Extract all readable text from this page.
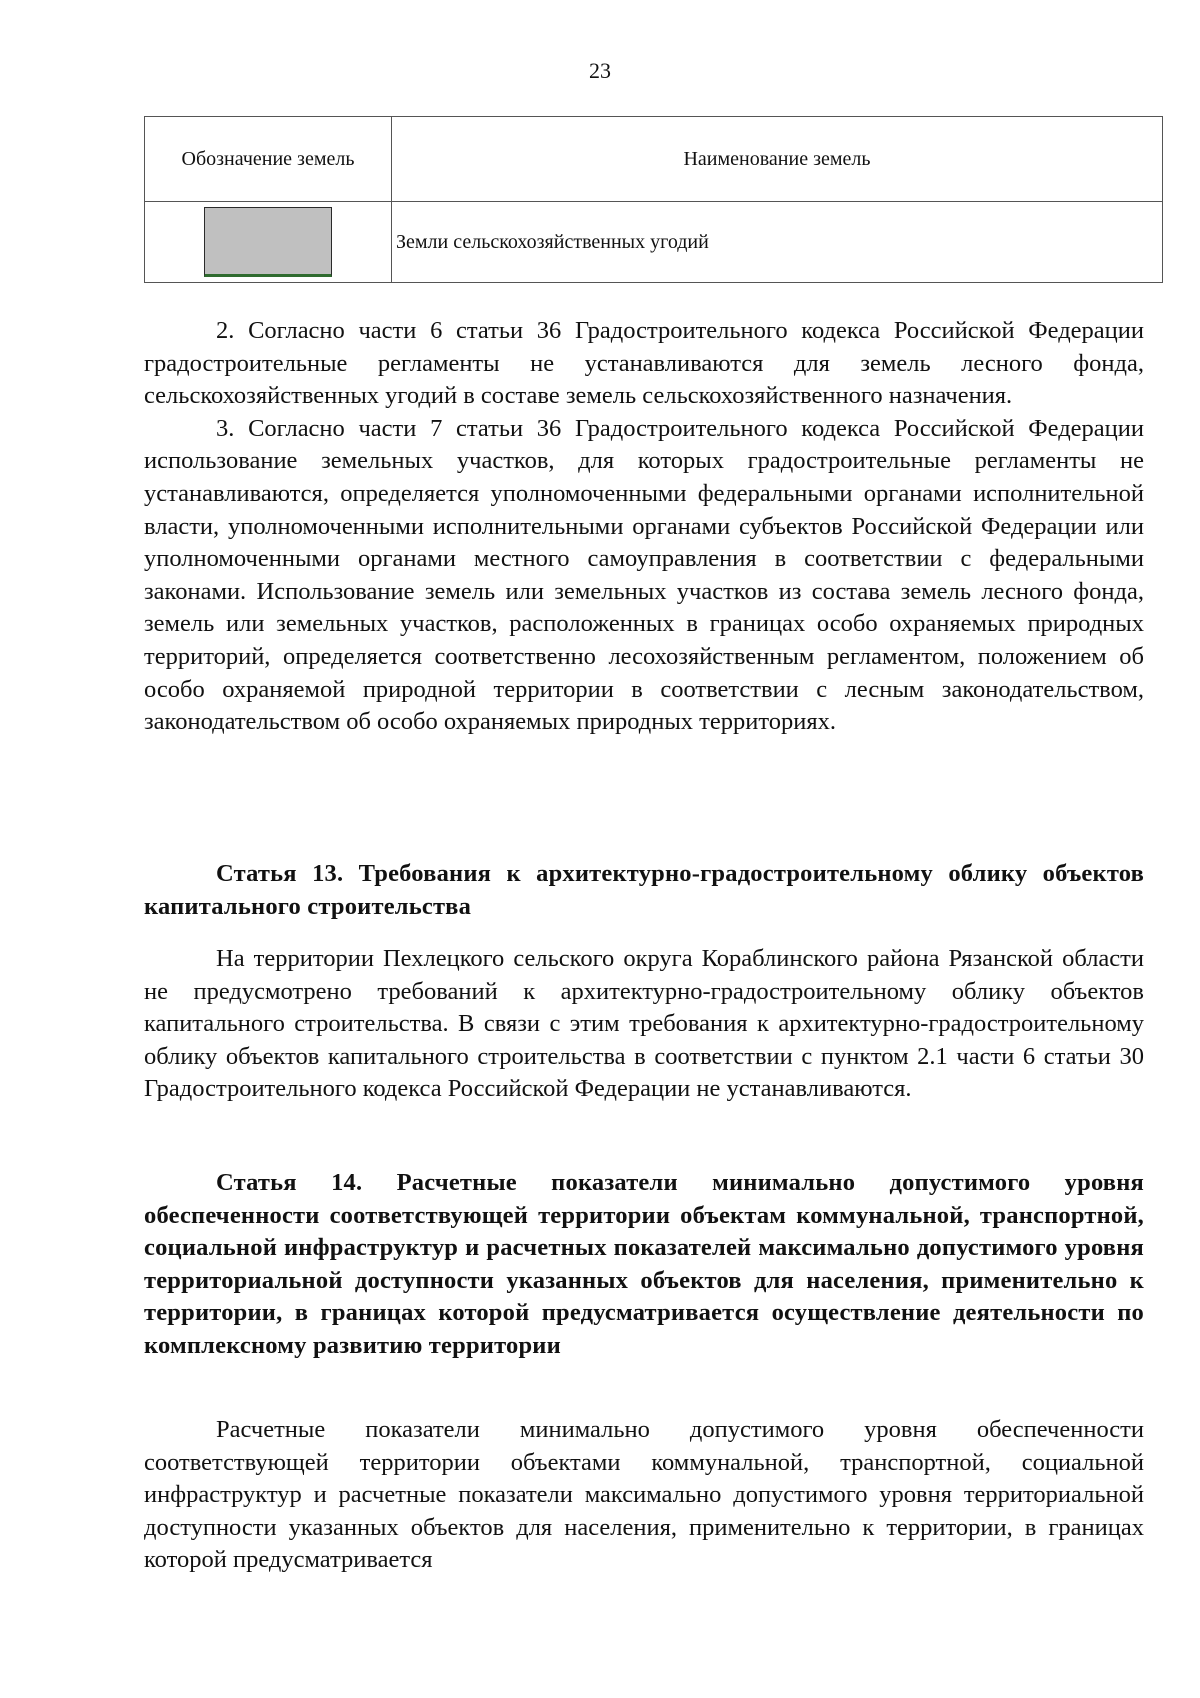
23
Обозначение земель	Наименование земель

	Земли сельскохозяйственных угодий

2. Согласно части 6 статьи 36 Градостроительного кодекса Российской Федерации градостроительные регламенты не устанавливаются для земель лесного фонда, сельскохозяйственных угодий в составе земель сельскохозяйственного назначения.

3. Согласно части 7 статьи 36 Градостроительного кодекса Российской Федерации использование земельных участков, для которых градостроительные регламенты не устанавливаются, определяется уполномоченными федеральными органами исполнительной власти, уполномоченными исполнительными органами субъектов Российской Федерации или уполномоченными органами местного самоуправления в соответствии с федеральными законами. Использование земель или земельных участков из состава земель лесного фонда, земель или земельных участков, расположенных в границах особо охраняемых природных территорий, определяется соответственно лесохозяйственным регламентом, положением об особо охраняемой природной территории в соответствии с лесным законодательством, законодательством об особо охраняемых природных территориях.

Статья 13. Требования к архитектурно-градостроительному облику объектов капитального строительства

На территории Пехлецкого сельского округа Кораблинского района Рязанской области не предусмотрено требований к архитектурно-градостроительному облику объектов капитального строительства. В связи с этим требования к архитектурно-градостроительному облику объектов капитального строительства в соответствии с пунктом 2.1 части 6 статьи 30 Градостроительного кодекса Российской Федерации не устанавливаются.

Статья 14. Расчетные показатели минимально допустимого уровня обеспеченности соответствующей территории объектам коммунальной, транспортной, социальной инфраструктур и расчетных показателей максимально допустимого уровня территориальной доступности указанных объектов для населения, применительно к территории, в границах которой предусматривается осуществление деятельности по комплексному развитию территории

Расчетные показатели минимально допустимого уровня обеспеченности соответствующей территории объектами коммунальной, транспортной, социальной инфраструктур и расчетные показатели максимально допустимого уровня территориальной доступности указанных объектов для населения, применительно к территории, в границах которой предусматривается
